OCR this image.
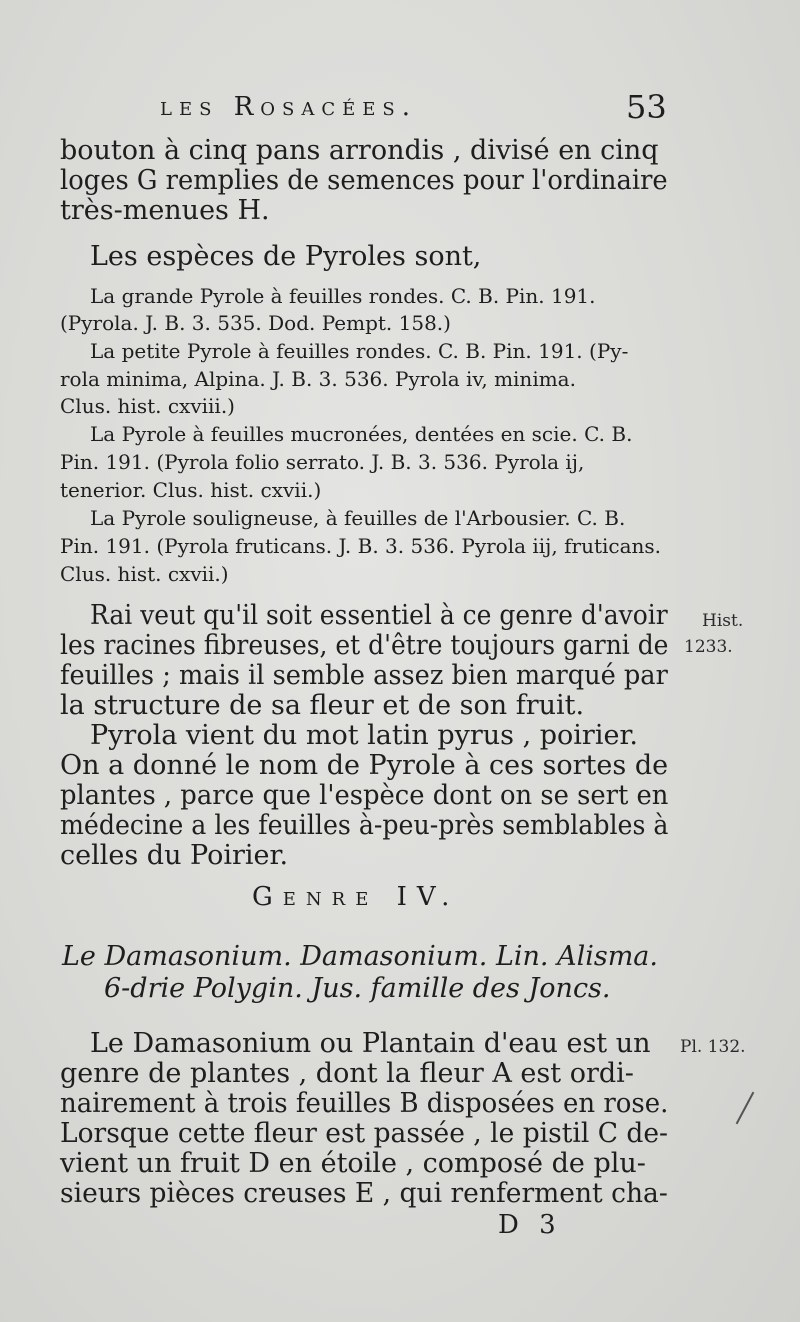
les Rosacées.	53
bouton à cinq pans arrondis , divisé en cinq
loges G remplies de semences pour l'ordinaire
très-menues H.
Les espèces de Pyroles sont,
La grande Pyrole à feuilles rondes. C. B. Pin. 191.
(Pyrola. J. B. 3. 535. Dod. Pempt. 158.)
La petite Pyrole à feuilles rondes. C. B. Pin. 191. (Py-
rola minima, Alpina. J. B. 3. 536. Pyrola iv, minima.
Clus. hist. cxviii.)
La Pyrole à feuilles mucronées, dentées en scie. C. B.
Pin. 191. (Pyrola folio serrato. J. B. 3. 536. Pyrola ij,
tenerior. Clus. hist. cxvii.)
La Pyrole souligneuse, à feuilles de l'Arbousier. C. B.
Pin. 191. (Pyrola fruticans. J. B. 3. 536. Pyrola iij, fruticans.
Clus. hist. cxvii.)
Rai veut qu'il soit essentiel à ce genre d'avoir
les racines fibreuses, et d'être toujours garni de
feuilles ; mais il semble assez bien marqué par
la structure de sa fleur et de son fruit.
Pyrola vient du mot latin pyrus , poirier.
On a donné le nom de Pyrole à ces sortes de
plantes , parce que l'espèce dont on se sert en
médecine a les feuilles à-peu-près semblables à
celles du Poirier.
Hist.
1233.
Genre IV.
Le Damasonium. Damasonium. Lin. Alisma.
6-drie Polygin. Jus. famille des Joncs.
Le Damasonium ou Plantain d'eau est un
genre de plantes , dont la fleur A est ordi-
nairement à trois feuilles B disposées en rose.
Lorsque cette fleur est passée , le pistil C de-
vient un fruit D en étoile , composé de plu-
sieurs pièces creuses E , qui renferment cha-
Pl. 132.
D 3
